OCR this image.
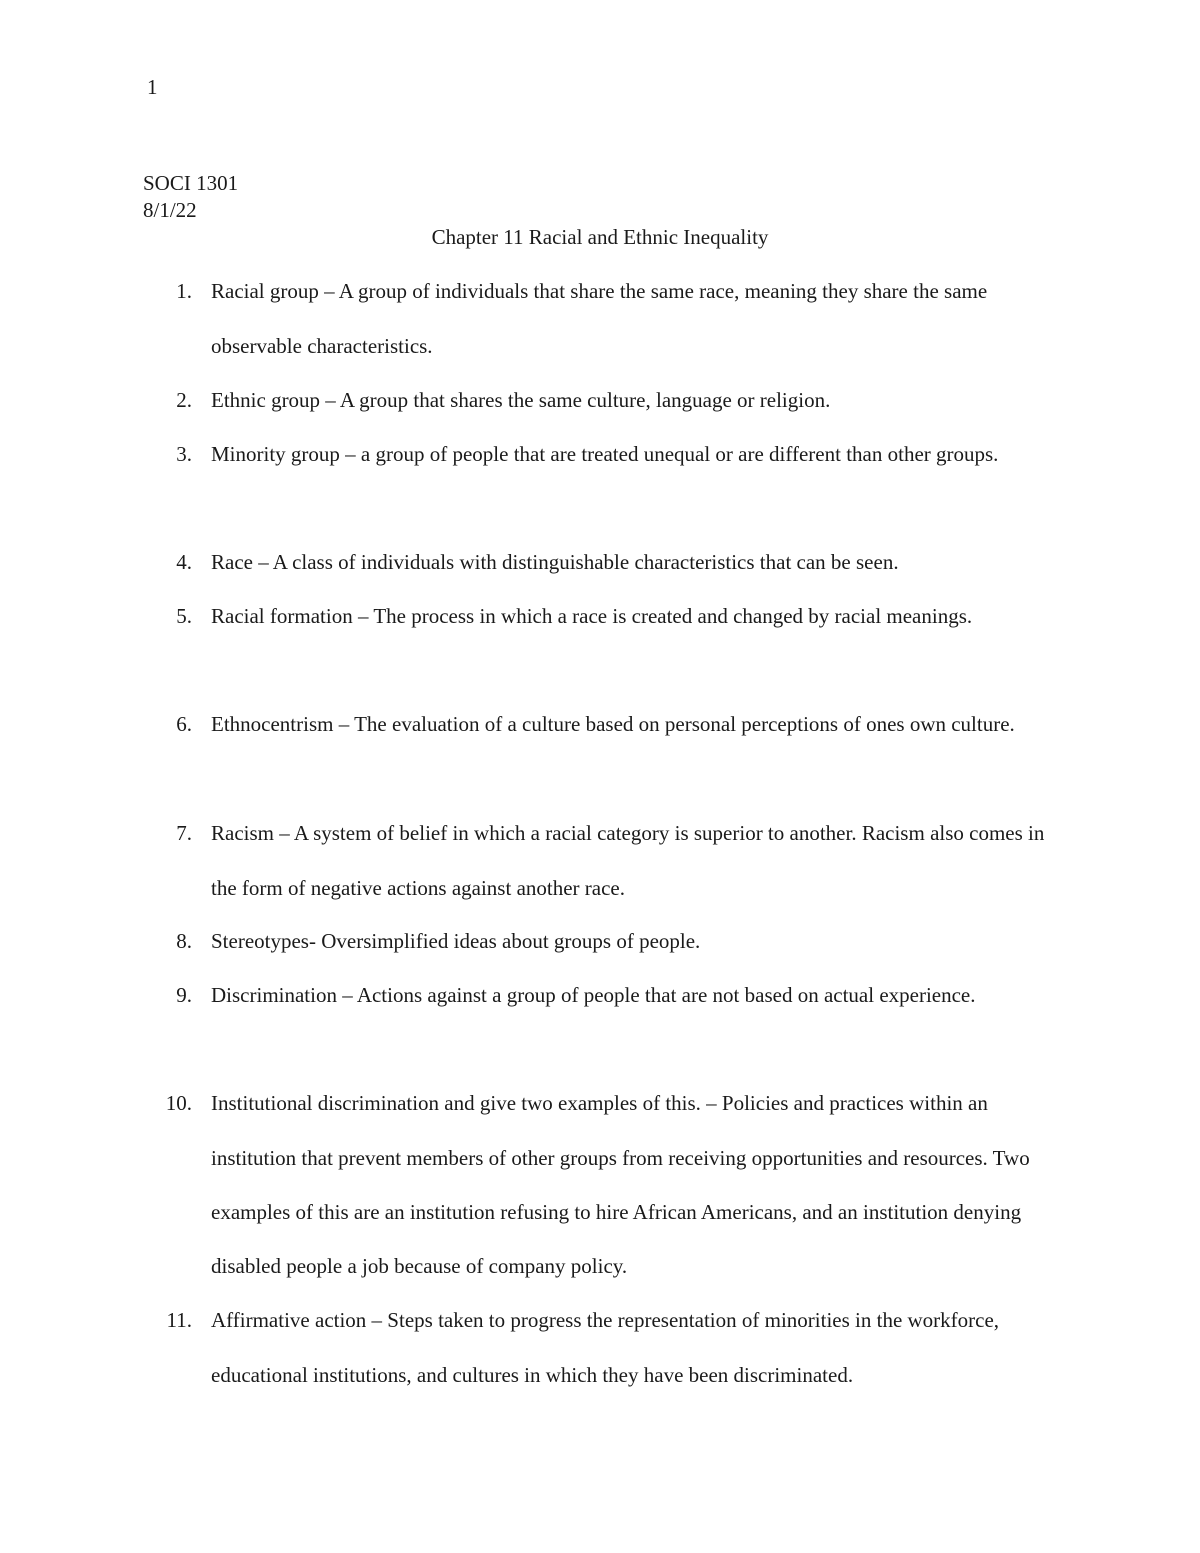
1
SOCI 1301
8/1/22
Chapter 11 Racial and Ethnic Inequality
1. Racial group – A group of individuals that share the same race, meaning they share the same observable characteristics.
2. Ethnic group – A group that shares the same culture, language or religion.
3. Minority group – a group of people that are treated unequal or are different than other groups.
4. Race – A class of individuals with distinguishable characteristics that can be seen.
5. Racial formation – The process in which a race is created and changed by racial meanings.
6. Ethnocentrism – The evaluation of a culture based on personal perceptions of ones own culture.
7. Racism – A system of belief in which a racial category is superior to another. Racism also comes in the form of negative actions against another race.
8. Stereotypes- Oversimplified ideas about groups of people.
9. Discrimination – Actions against a group of people that are not based on actual experience.
10. Institutional discrimination and give two examples of this. – Policies and practices within an institution that prevent members of other groups from receiving opportunities and resources. Two examples of this are an institution refusing to hire African Americans, and an institution denying disabled people a job because of company policy.
11. Affirmative action – Steps taken to progress the representation of minorities in the workforce, educational institutions, and cultures in which they have been discriminated.
